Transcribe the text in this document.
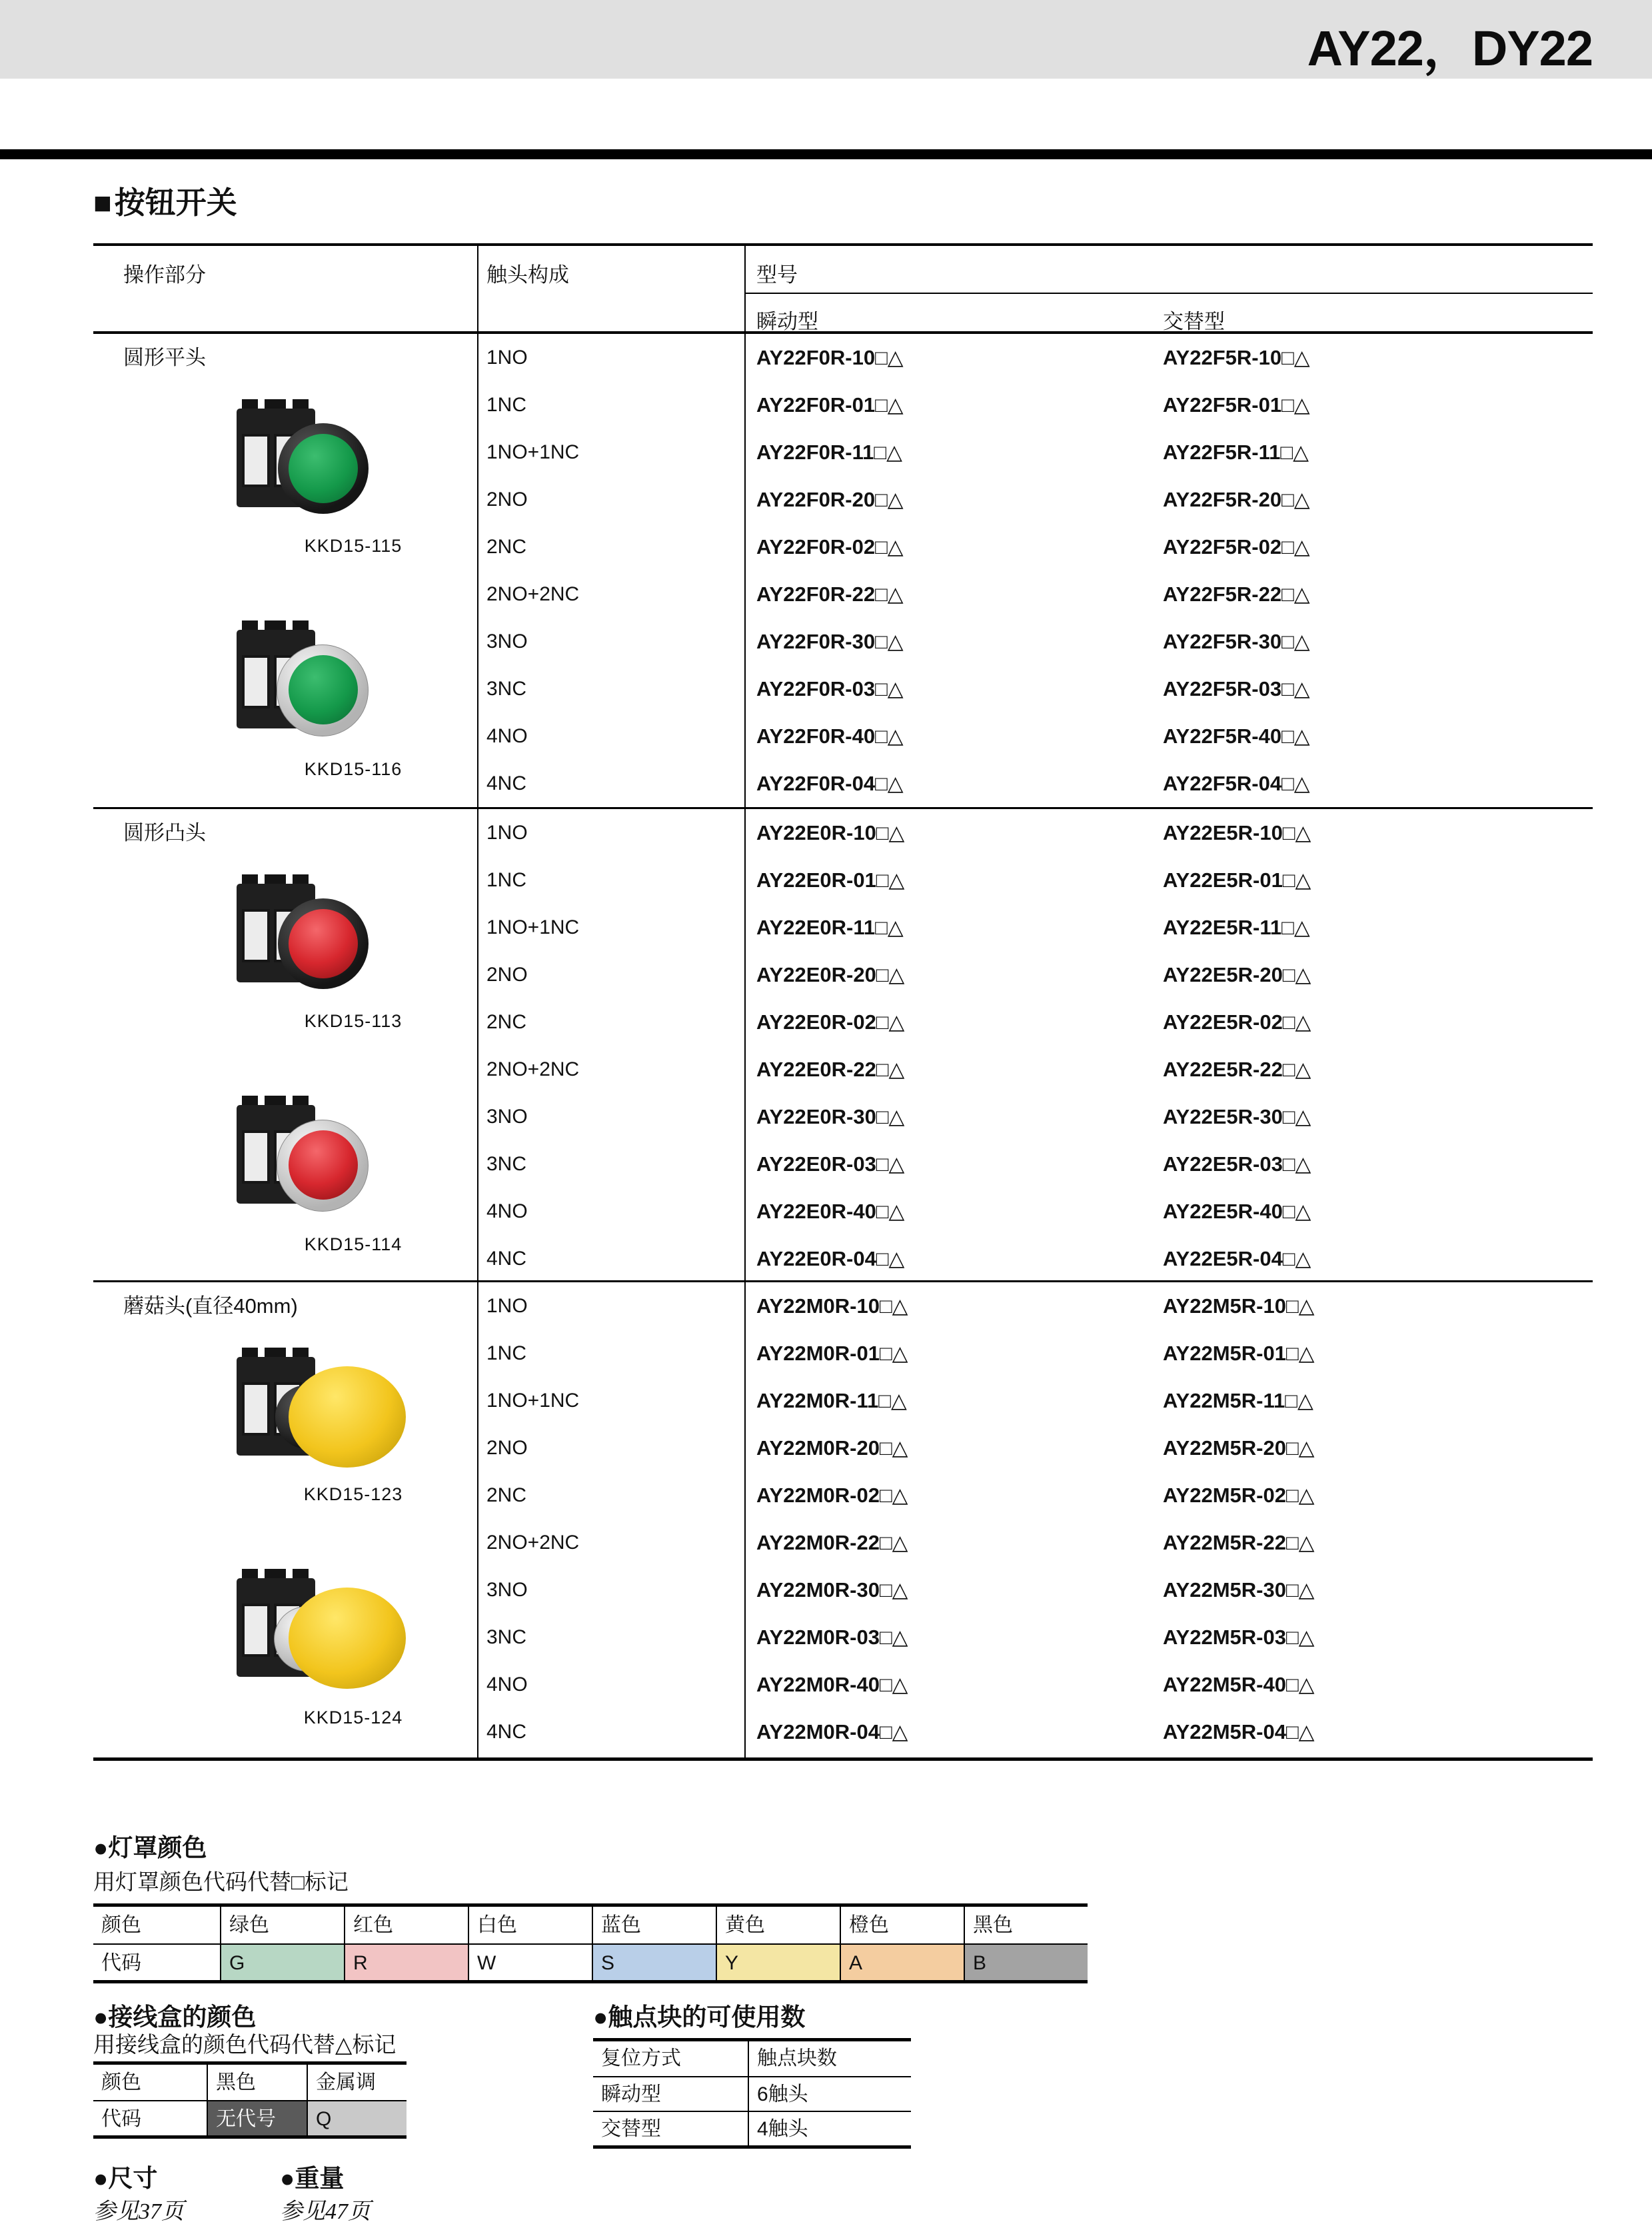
AY22，DY22
■按钮开关
操作部分	触头构成	型号
瞬动型	交替型
圆形平头	1NO	AY22F0R-10□△	AY22F5R-10□△
1NC	AY22F0R-01□△	AY22F5R-01□△
1NO+1NC	AY22F0R-11□△	AY22F5R-11□△
2NO	AY22F0R-20□△	AY22F5R-20□△
2NC	AY22F0R-02□△	AY22F5R-02□△
2NO+2NC	AY22F0R-22□△	AY22F5R-22□△
3NO	AY22F0R-30□△	AY22F5R-30□△
3NC	AY22F0R-03□△	AY22F5R-03□△
4NO	AY22F0R-40□△	AY22F5R-40□△
4NC	AY22F0R-04□△	AY22F5R-04□△
KKD15-115
KKD15-116
圆形凸头	1NO	AY22E0R-10□△	AY22E5R-10□△
1NC	AY22E0R-01□△	AY22E5R-01□△
1NO+1NC	AY22E0R-11□△	AY22E5R-11□△
2NO	AY22E0R-20□△	AY22E5R-20□△
2NC	AY22E0R-02□△	AY22E5R-02□△
2NO+2NC	AY22E0R-22□△	AY22E5R-22□△
3NO	AY22E0R-30□△	AY22E5R-30□△
3NC	AY22E0R-03□△	AY22E5R-03□△
4NO	AY22E0R-40□△	AY22E5R-40□△
4NC	AY22E0R-04□△	AY22E5R-04□△
KKD15-113
KKD15-114
蘑菇头(直径40mm)	1NO	AY22M0R-10□△	AY22M5R-10□△
1NC	AY22M0R-01□△	AY22M5R-01□△
1NO+1NC	AY22M0R-11□△	AY22M5R-11□△
2NO	AY22M0R-20□△	AY22M5R-20□△
2NC	AY22M0R-02□△	AY22M5R-02□△
2NO+2NC	AY22M0R-22□△	AY22M5R-22□△
3NO	AY22M0R-30□△	AY22M5R-30□△
3NC	AY22M0R-03□△	AY22M5R-03□△
4NO	AY22M0R-40□△	AY22M5R-40□△
4NC	AY22M0R-04□△	AY22M5R-04□△
KKD15-123
KKD15-124
●灯罩颜色
用灯罩颜色代码代替□标记
颜色	绿色	红色	白色	蓝色	黄色	橙色	黑色
代码	G	R	W	S	Y	A	B
●接线盒的颜色
用接线盒的颜色代码代替△标记
颜色	黑色	金属调
代码	无代号	Q
●触点块的可使用数
复位方式	触点块数
瞬动型	6触头
交替型	4触头
●尺寸
参见37页
●重量
参见47页
